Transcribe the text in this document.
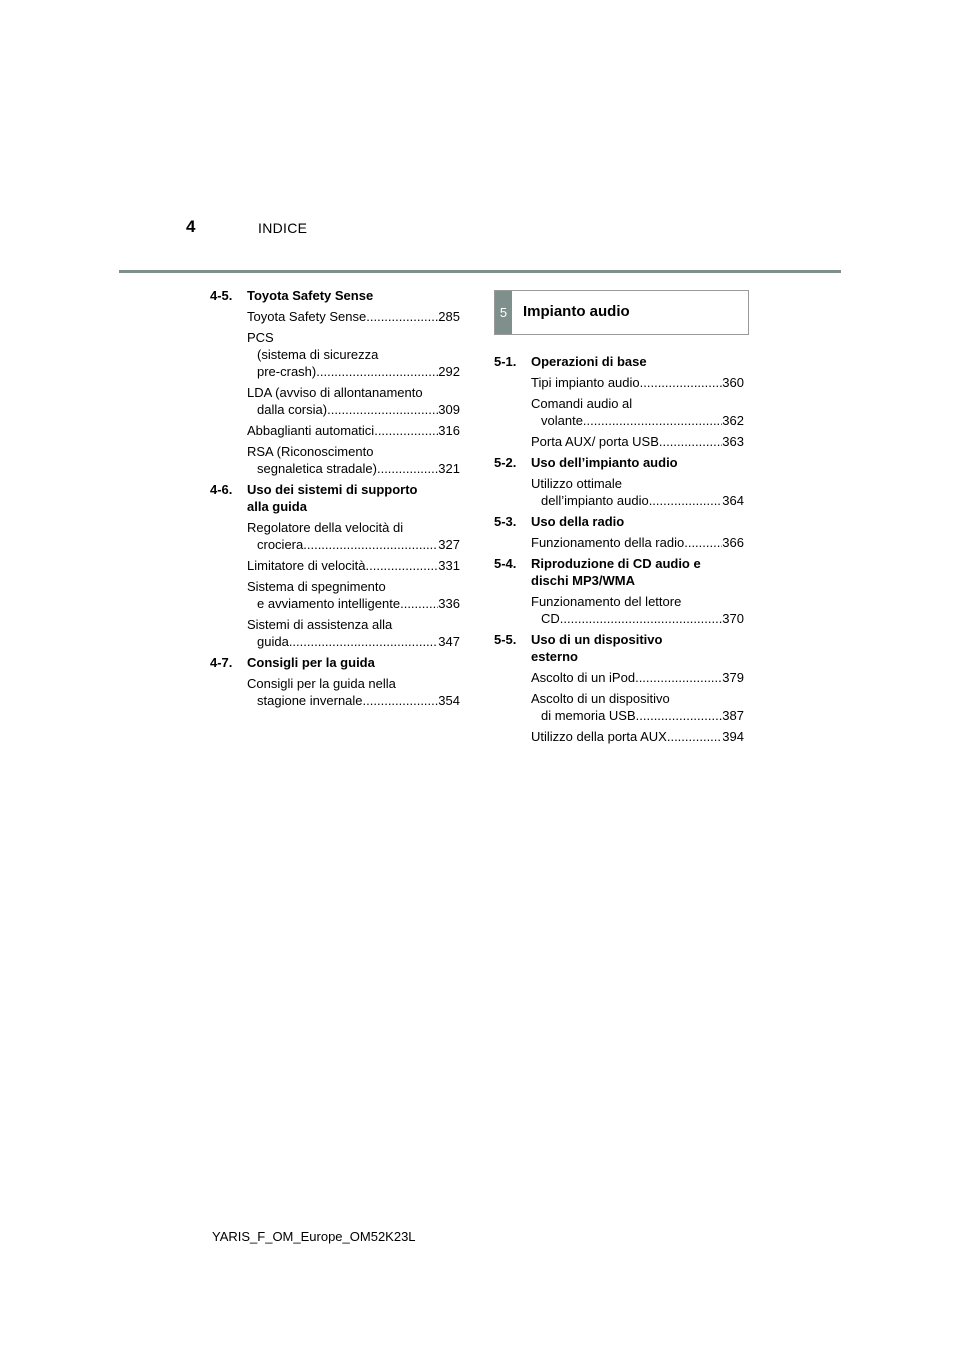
4	INDICE
4-5.	Toyota Safety Sense
Toyota Safety Sense .....	285
PCS
(sistema di sicurezza
pre-crash) .....	292
LDA (avviso di allontanamento
dalla corsia) .....	309
Abbaglianti automatici .....	316
RSA (Riconoscimento
segnaletica stradale) .....	321
4-6.	Uso dei sistemi di supporto
alla guida
Regolatore della velocità di
crociera .....	327
Limitatore di velocità .....	331
Sistema di spegnimento
e avviamento intelligente .....	336
Sistemi di assistenza alla
guida .....	347
4-7.	Consigli per la guida
Consigli per la guida nella
stagione invernale .....	354
5	Impianto audio
5-1.	Operazioni di base
Tipi impianto audio .....	360
Comandi audio al
volante .....	362
Porta AUX/ porta USB .....	363
5-2.	Uso dell’impianto audio
Utilizzo ottimale
dell’impianto audio .....	364
5-3.	Uso della radio
Funzionamento della radio .....	366
5-4.	Riproduzione di CD audio e
dischi MP3/WMA
Funzionamento del lettore
CD .....	370
5-5.	Uso di un dispositivo
esterno
Ascolto di un iPod .....	379
Ascolto di un dispositivo
di memoria USB .....	387
Utilizzo della porta AUX .....	394
YARIS_F_OM_Europe_OM52K23L
